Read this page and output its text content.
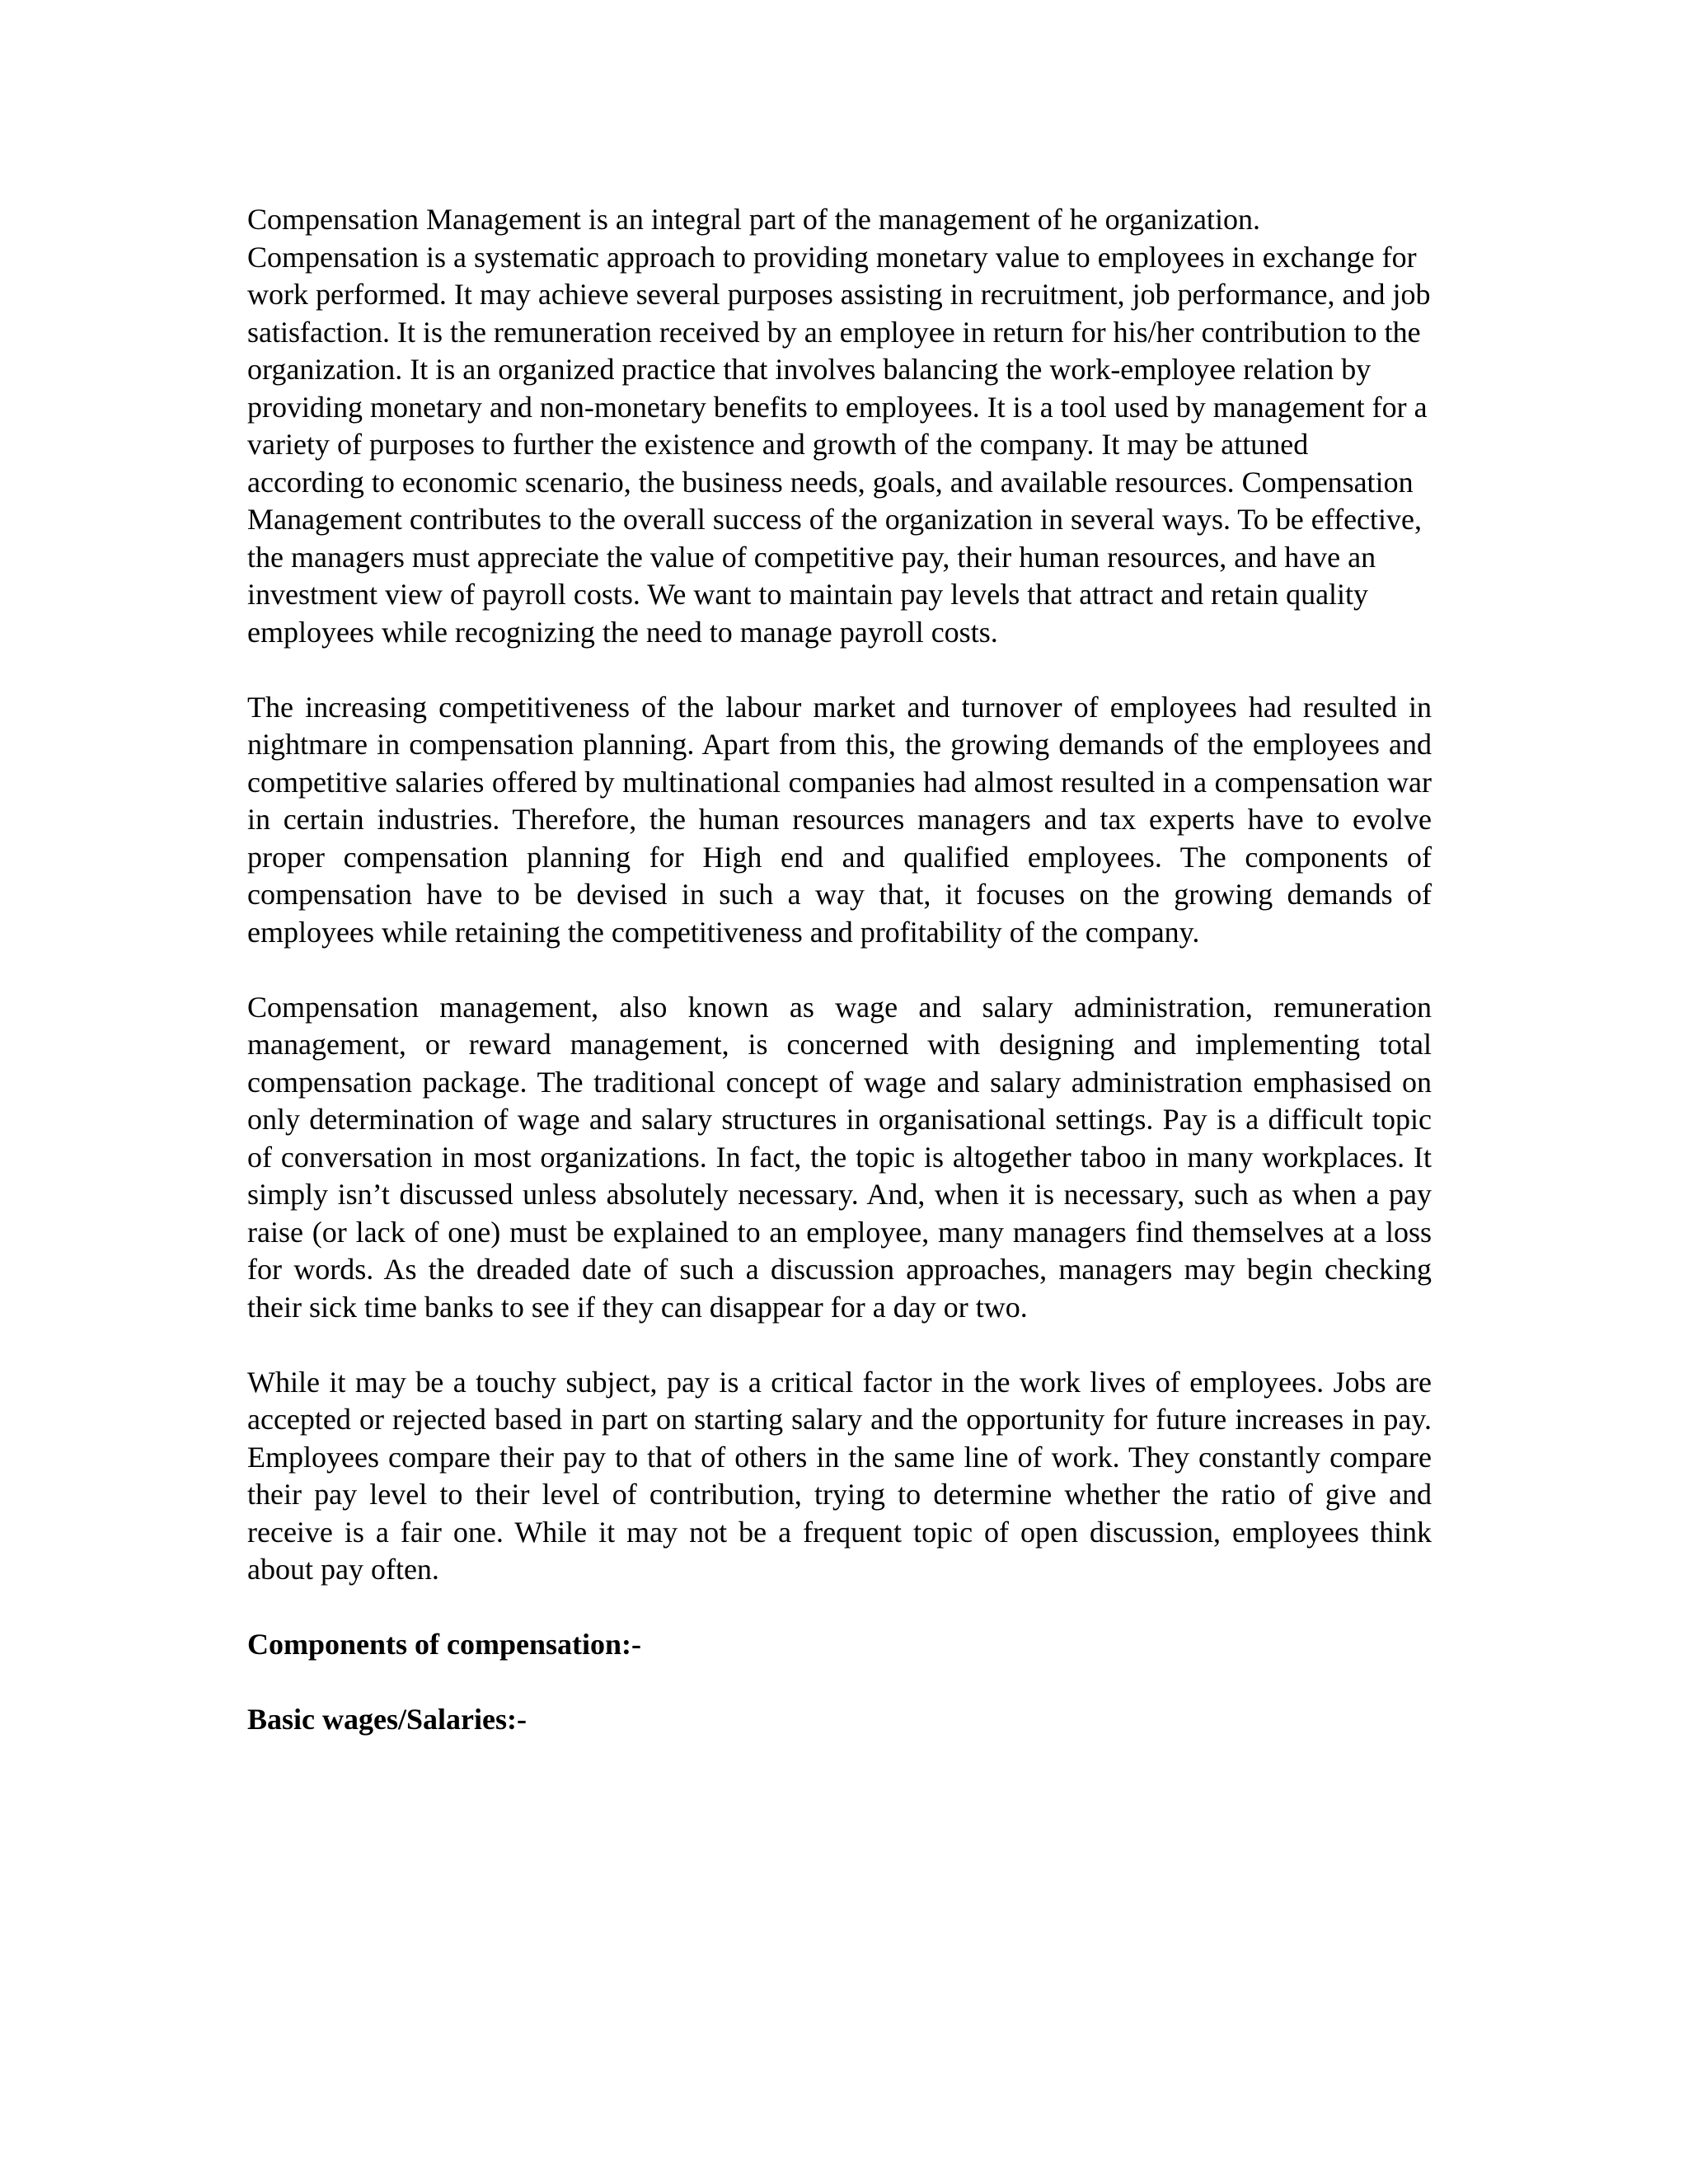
Compensation Management is an integral part of the management of he organization. Compensation is a systematic approach to providing monetary value to employees in exchange for work performed. It may achieve several purposes assisting in recruitment, job performance, and job satisfaction. It is the remuneration received by an employee in return for his/her contribution to the organization. It is an organized practice that involves balancing the work-employee relation by providing monetary and non-monetary benefits to employees. It is a tool used by management for a variety of purposes to further the existence and growth of the company. It may be attuned according to economic scenario, the business needs, goals, and available resources. Compensation Management contributes to the overall success of the organization in several ways. To be effective, the managers must appreciate the value of competitive pay, their human resources, and have an investment view of payroll costs. We want to maintain pay levels that attract and retain quality employees while recognizing the need to manage payroll costs.

The increasing competitiveness of the labour market and turnover of employees had resulted in nightmare in compensation planning. Apart from this, the growing demands of the employees and competitive salaries offered by multinational companies had almost resulted in a compensation war in certain industries. Therefore, the human resources managers and tax experts have to evolve proper compensation planning for High end and qualified employees. The components of compensation have to be devised in such a way that, it focuses on the growing demands of employees while retaining the competitiveness and profitability of the company.

Compensation management, also known as wage and salary administration, remuneration management, or reward management, is concerned with designing and implementing total compensation package. The traditional concept of wage and salary administration emphasised on only determination of wage and salary structures in organisational settings. Pay is a difficult topic of conversation in most organizations. In fact, the topic is altogether taboo in many workplaces. It simply isn’t discussed unless absolutely necessary. And, when it is necessary, such as when a pay raise (or lack of one) must be explained to an employee, many managers find themselves at a loss for words. As the dreaded date of such a discussion approaches, managers may begin checking their sick time banks to see if they can disappear for a day or two.

While it may be a touchy subject, pay is a critical factor in the work lives of employees. Jobs are accepted or rejected based in part on starting salary and the opportunity for future increases in pay. Employees compare their pay to that of others in the same line of work. They constantly compare their pay level to their level of contribution, trying to determine whether the ratio of give and receive is a fair one. While it may not be a frequent topic of open discussion, employees think about pay often.

Components of compensation:-

Basic wages/Salaries:-
